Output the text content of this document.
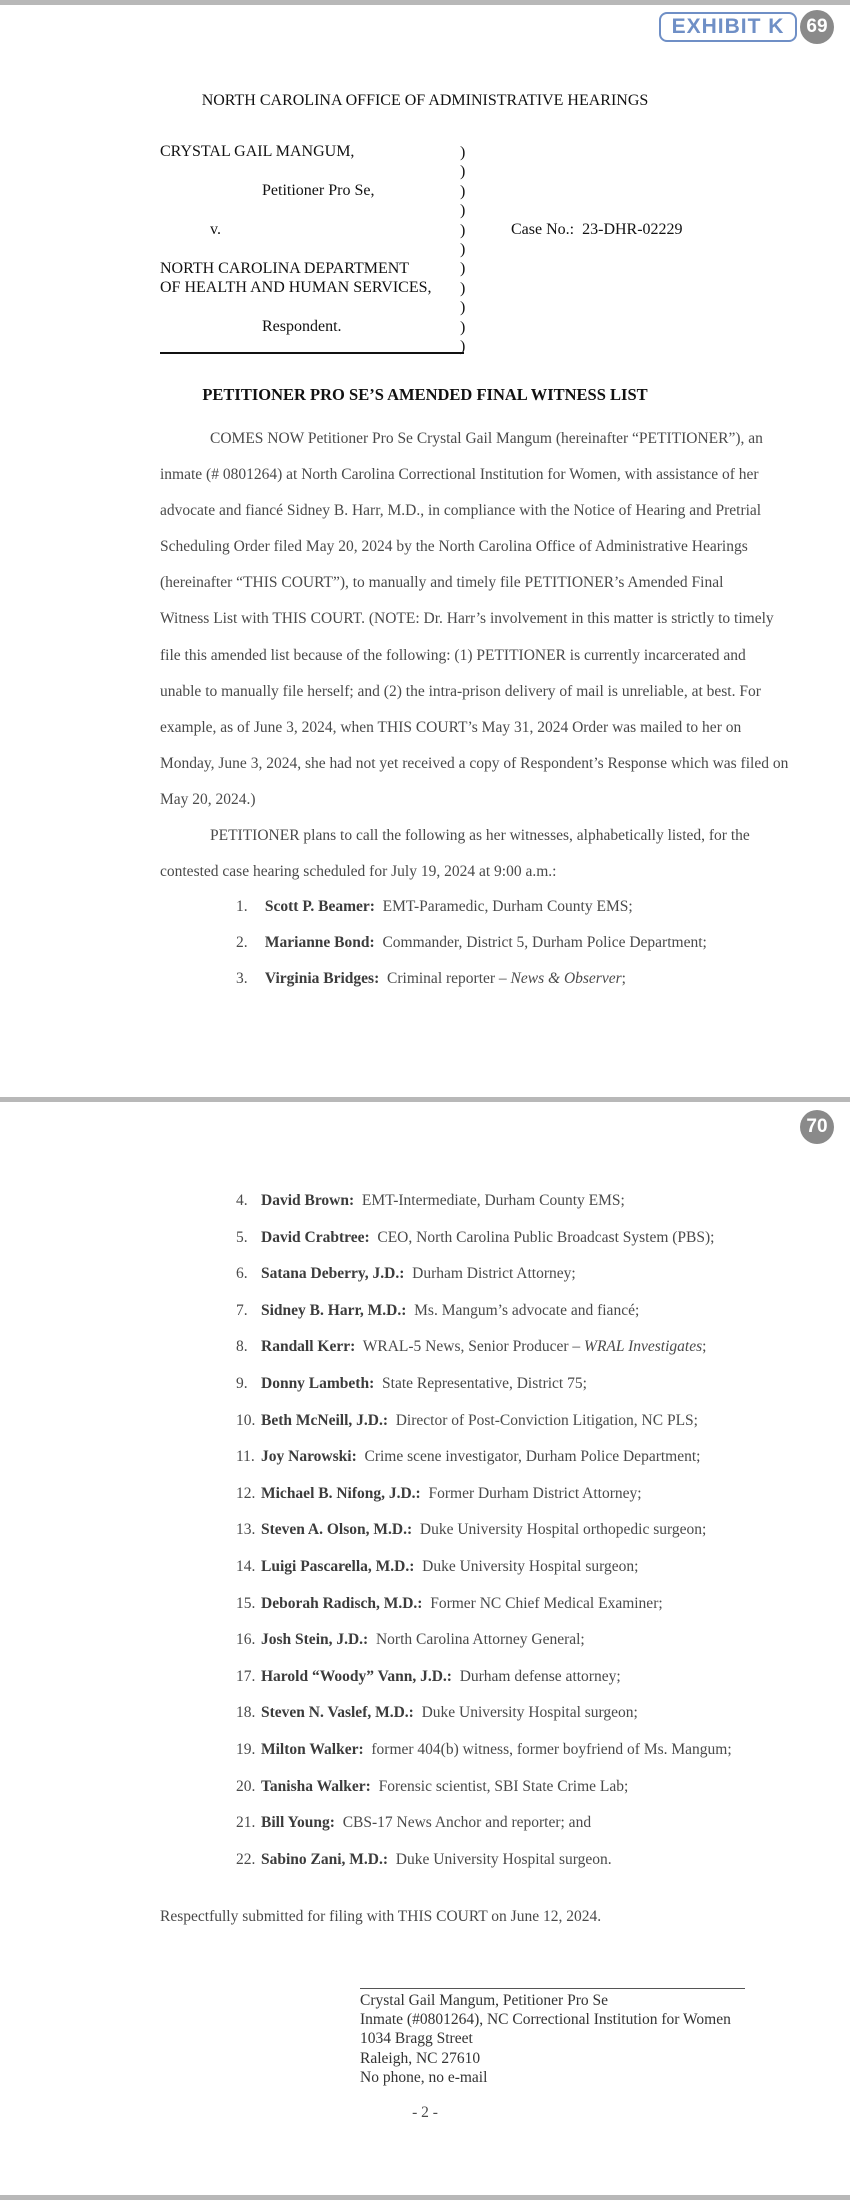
EXHIBIT K	69
NORTH CAROLINA OFFICE OF ADMINISTRATIVE HEARINGS
CRYSTAL GAIL MANGUM,
Petitioner Pro Se,
v.
NORTH CAROLINA DEPARTMENT
OF HEALTH AND HUMAN SERVICES,
Respondent.
)
)
)
)
)
)
)
)
)
)
)
Case No.: 23-DHR-02229
PETITIONER PRO SE’S AMENDED FINAL WITNESS LIST

COMES NOW Petitioner Pro Se Crystal Gail Mangum (hereinafter “PETITIONER”), an

inmate (# 0801264) at North Carolina Correctional Institution for Women, with assistance of her

advocate and fiancé Sidney B. Harr, M.D., in compliance with the Notice of Hearing and Pretrial

Scheduling Order filed May 20, 2024 by the North Carolina Office of Administrative Hearings

(hereinafter “THIS COURT”), to manually and timely file PETITIONER’s Amended Final

Witness List with THIS COURT. (NOTE: Dr. Harr’s involvement in this matter is strictly to timely

file this amended list because of the following: (1) PETITIONER is currently incarcerated and

unable to manually file herself; and (2) the intra-prison delivery of mail is unreliable, at best. For

example, as of June 3, 2024, when THIS COURT’s May 31, 2024 Order was mailed to her on

Monday, June 3, 2024, she had not yet received a copy of Respondent’s Response which was filed on

May 20, 2024.)

PETITIONER plans to call the following as her witnesses, alphabetically listed, for the

contested case hearing scheduled for July 19, 2024 at 9:00 a.m.:

1. Scott P. Beamer: EMT-Paramedic, Durham County EMS;
2. Marianne Bond: Commander, District 5, Durham Police Department;
3. Virginia Bridges: Criminal reporter – News & Observer;
70
4. David Brown: EMT-Intermediate, Durham County EMS;
5. David Crabtree: CEO, North Carolina Public Broadcast System (PBS);
6. Satana Deberry, J.D.: Durham District Attorney;
7. Sidney B. Harr, M.D.: Ms. Mangum’s advocate and fiancé;
8. Randall Kerr: WRAL-5 News, Senior Producer – WRAL Investigates;
9. Donny Lambeth: State Representative, District 75;
10. Beth McNeill, J.D.: Director of Post-Conviction Litigation, NC PLS;
11. Joy Narowski: Crime scene investigator, Durham Police Department;
12. Michael B. Nifong, J.D.: Former Durham District Attorney;
13. Steven A. Olson, M.D.: Duke University Hospital orthopedic surgeon;
14. Luigi Pascarella, M.D.: Duke University Hospital surgeon;
15. Deborah Radisch, M.D.: Former NC Chief Medical Examiner;
16. Josh Stein, J.D.: North Carolina Attorney General;
17. Harold “Woody” Vann, J.D.: Durham defense attorney;
18. Steven N. Vaslef, M.D.: Duke University Hospital surgeon;
19. Milton Walker: former 404(b) witness, former boyfriend of Ms. Mangum;
20. Tanisha Walker: Forensic scientist, SBI State Crime Lab;
21. Bill Young: CBS-17 News Anchor and reporter; and
22. Sabino Zani, M.D.: Duke University Hospital surgeon.
Respectfully submitted for filing with THIS COURT on June 12, 2024.
Crystal Gail Mangum, Petitioner Pro Se
Inmate (#0801264), NC Correctional Institution for Women
1034 Bragg Street
Raleigh, NC 27610
No phone, no e-mail
- 2 -
